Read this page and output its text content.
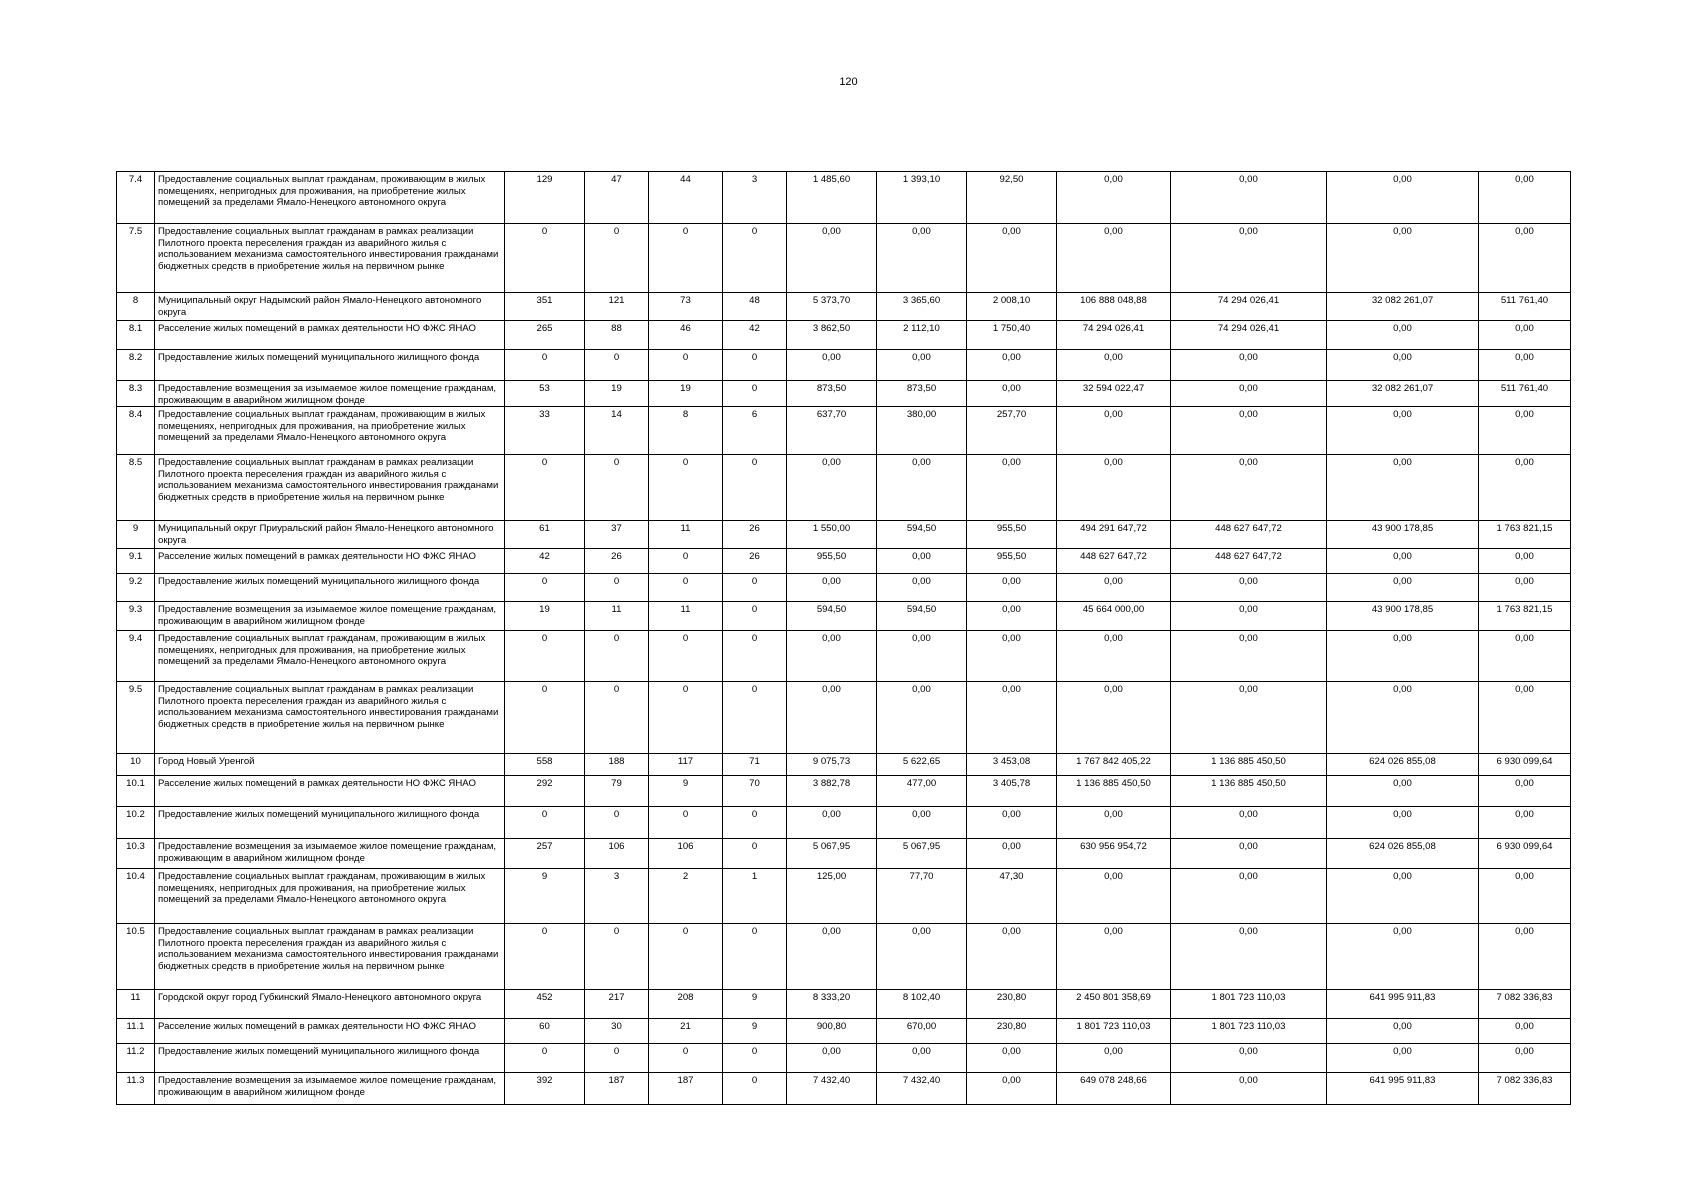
120
7.4	Предоставление социальных выплат гражданам, проживающим в жилых помещениях, непригодных для проживания, на приобретение жилых помещений за пределами Ямало-Ненецкого автономного округа	129	47	44	3	1 485,60	1 393,10	92,50	0,00	0,00	0,00	0,00
7.5	Предоставление социальных выплат гражданам в рамках реализации Пилотного проекта переселения граждан из аварийного жилья с использованием механизма самостоятельного инвестирования гражданами бюджетных средств в приобретение жилья на первичном рынке	0	0	0	0	0,00	0,00	0,00	0,00	0,00	0,00	0,00
8	Муниципальный округ Надымский район Ямало-Ненецкого автономного округа	351	121	73	48	5 373,70	3 365,60	2 008,10	106 888 048,88	74 294 026,41	32 082 261,07	511 761,40
8.1	Расселение жилых помещений в рамках деятельности НО ФЖС ЯНАО	265	88	46	42	3 862,50	2 112,10	1 750,40	74 294 026,41	74 294 026,41	0,00	0,00
8.2	Предоставление жилых помещений муниципального жилищного фонда	0	0	0	0	0,00	0,00	0,00	0,00	0,00	0,00	0,00
8.3	Предоставление возмещения за изымаемое жилое помещение гражданам, проживающим в аварийном жилищном фонде	53	19	19	0	873,50	873,50	0,00	32 594 022,47	0,00	32 082 261,07	511 761,40
8.4	Предоставление социальных выплат гражданам, проживающим в жилых помещениях, непригодных для проживания, на приобретение жилых помещений за пределами Ямало-Ненецкого автономного округа	33	14	8	6	637,70	380,00	257,70	0,00	0,00	0,00	0,00
8.5	Предоставление социальных выплат гражданам в рамках реализации Пилотного проекта переселения граждан из аварийного жилья с использованием механизма самостоятельного инвестирования гражданами бюджетных средств в приобретение жилья на первичном рынке	0	0	0	0	0,00	0,00	0,00	0,00	0,00	0,00	0,00
9	Муниципальный округ Приуральский район Ямало-Ненецкого автономного округа	61	37	11	26	1 550,00	594,50	955,50	494 291 647,72	448 627 647,72	43 900 178,85	1 763 821,15
9.1	Расселение жилых помещений в рамках деятельности НО ФЖС ЯНАО	42	26	0	26	955,50	0,00	955,50	448 627 647,72	448 627 647,72	0,00	0,00
9.2	Предоставление жилых помещений муниципального жилищного фонда	0	0	0	0	0,00	0,00	0,00	0,00	0,00	0,00	0,00
9.3	Предоставление возмещения за изымаемое жилое помещение гражданам, проживающим в аварийном жилищном фонде	19	11	11	0	594,50	594,50	0,00	45 664 000,00	0,00	43 900 178,85	1 763 821,15
9.4	Предоставление социальных выплат гражданам, проживающим в жилых помещениях, непригодных для проживания, на приобретение жилых помещений за пределами Ямало-Ненецкого автономного округа	0	0	0	0	0,00	0,00	0,00	0,00	0,00	0,00	0,00
9.5	Предоставление социальных выплат гражданам в рамках реализации Пилотного проекта переселения граждан из аварийного жилья с использованием механизма самостоятельного инвестирования гражданами бюджетных средств в приобретение жилья на первичном рынке	0	0	0	0	0,00	0,00	0,00	0,00	0,00	0,00	0,00
10	Город Новый Уренгой	558	188	117	71	9 075,73	5 622,65	3 453,08	1 767 842 405,22	1 136 885 450,50	624 026 855,08	6 930 099,64
10.1	Расселение жилых помещений в рамках деятельности НО ФЖС ЯНАО	292	79	9	70	3 882,78	477,00	3 405,78	1 136 885 450,50	1 136 885 450,50	0,00	0,00
10.2	Предоставление жилых помещений муниципального жилищного фонда	0	0	0	0	0,00	0,00	0,00	0,00	0,00	0,00	0,00
10.3	Предоставление возмещения за изымаемое жилое помещение гражданам, проживающим в аварийном жилищном фонде	257	106	106	0	5 067,95	5 067,95	0,00	630 956 954,72	0,00	624 026 855,08	6 930 099,64
10.4	Предоставление социальных выплат гражданам, проживающим в жилых помещениях, непригодных для проживания, на приобретение жилых помещений за пределами Ямало-Ненецкого автономного округа	9	3	2	1	125,00	77,70	47,30	0,00	0,00	0,00	0,00
10.5	Предоставление социальных выплат гражданам в рамках реализации Пилотного проекта переселения граждан из аварийного жилья с использованием механизма самостоятельного инвестирования гражданами бюджетных средств в приобретение жилья на первичном рынке	0	0	0	0	0,00	0,00	0,00	0,00	0,00	0,00	0,00
11	Городской округ город Губкинский Ямало-Ненецкого автономного округа	452	217	208	9	8 333,20	8 102,40	230,80	2 450 801 358,69	1 801 723 110,03	641 995 911,83	7 082 336,83
11.1	Расселение жилых помещений в рамках деятельности НО ФЖС ЯНАО	60	30	21	9	900,80	670,00	230,80	1 801 723 110,03	1 801 723 110,03	0,00	0,00
11.2	Предоставление жилых помещений муниципального жилищного фонда	0	0	0	0	0,00	0,00	0,00	0,00	0,00	0,00	0,00
11.3	Предоставление возмещения за изымаемое жилое помещение гражданам, проживающим в аварийном жилищном фонде	392	187	187	0	7 432,40	7 432,40	0,00	649 078 248,66	0,00	641 995 911,83	7 082 336,83
